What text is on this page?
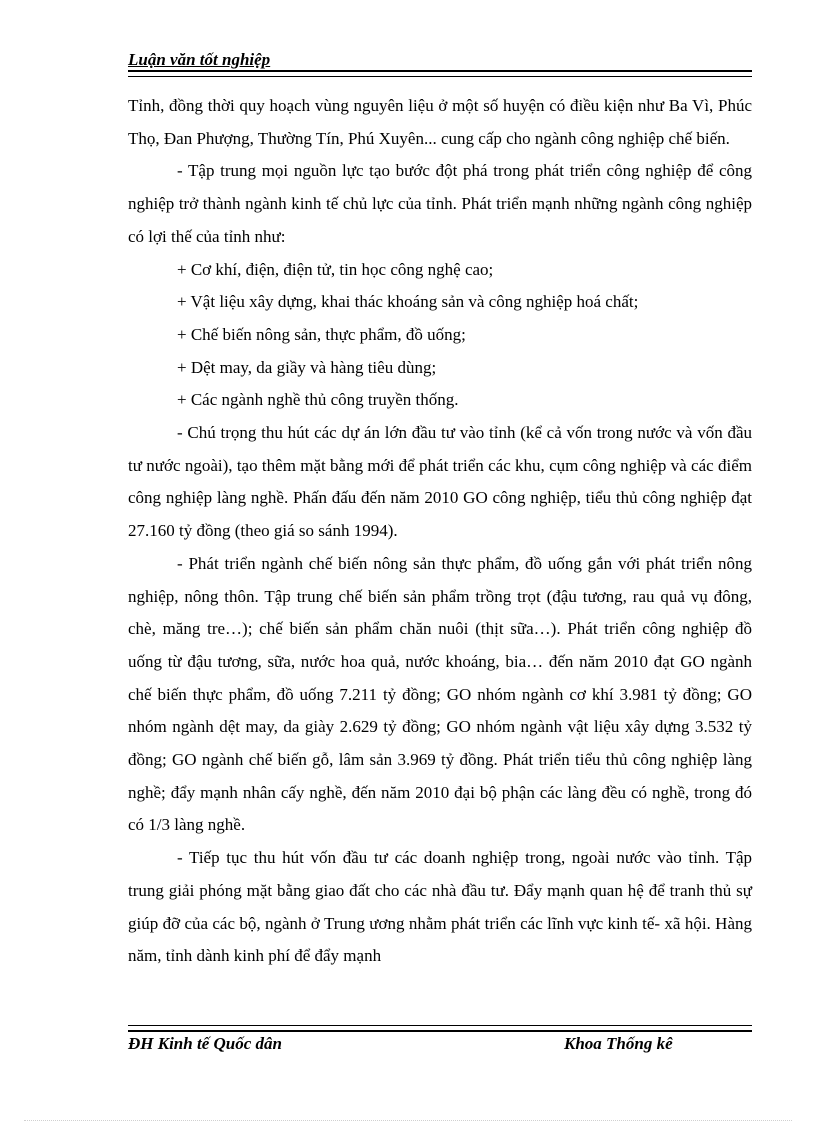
Luận văn tốt nghiệp

Tỉnh, đồng thời quy hoạch vùng nguyên liệu ở một số huyện có điều kiện như Ba Vì, Phúc Thọ, Đan Phượng, Thường Tín, Phú Xuyên... cung cấp cho ngành công nghiệp chế biến.

- Tập trung mọi nguồn lực tạo bước đột phá trong phát triển công nghiệp để công nghiệp trở thành ngành kinh tế chủ lực của tỉnh. Phát triển mạnh những ngành công nghiệp có lợi thế của tỉnh như:

+ Cơ khí, điện, điện tử, tin học công nghệ cao;

+ Vật liệu xây dựng, khai thác khoáng sản và công nghiệp hoá chất;

+ Chế biến nông sản, thực phẩm, đồ uống;

+ Dệt may, da giầy và hàng tiêu dùng;

+ Các ngành nghề thủ công truyền thống.

- Chú trọng thu hút các dự án lớn đầu tư vào tỉnh (kể cả vốn trong nước và vốn đầu tư nước ngoài), tạo thêm mặt bằng mới để phát triển các khu, cụm công nghiệp và các điểm công nghiệp làng nghề. Phấn đấu đến năm 2010 GO công nghiệp, tiểu thủ công nghiệp đạt 27.160 tỷ đồng (theo giá so sánh 1994).

- Phát triển ngành chế biến nông sản thực phẩm, đồ uống gắn với phát triển nông nghiệp, nông thôn. Tập trung chế biến sản phẩm trồng trọt (đậu tương, rau quả vụ đông, chè, măng tre…); chế biến sản phẩm chăn nuôi (thịt sữa…). Phát triển công nghiệp đồ uống từ đậu tương, sữa, nước hoa quả, nước khoáng, bia… đến năm 2010 đạt GO ngành chế biến thực phẩm, đồ uống 7.211 tỷ đồng; GO nhóm ngành cơ khí 3.981 tỷ đồng; GO nhóm ngành dệt may, da giày 2.629 tỷ đồng; GO nhóm ngành vật liệu xây dựng 3.532 tỷ đồng; GO ngành chế biến gỗ, lâm sản 3.969 tỷ đồng. Phát triển tiểu thủ công nghiệp làng nghề; đẩy mạnh nhân cấy nghề, đến năm 2010 đại bộ phận các làng đều có nghề, trong đó có 1/3 làng nghề.

- Tiếp tục thu hút vốn đầu tư các doanh nghiệp trong, ngoài nước vào tỉnh. Tập trung giải phóng mặt bằng giao đất cho các nhà đầu tư. Đẩy mạnh quan hệ để tranh thủ sự giúp đỡ của các bộ, ngành ở Trung ương nhằm phát triển các lĩnh vực kinh tế- xã hội. Hàng năm, tỉnh dành kinh phí để đẩy mạnh

ĐH Kinh tế Quốc dân	Khoa Thống kê
